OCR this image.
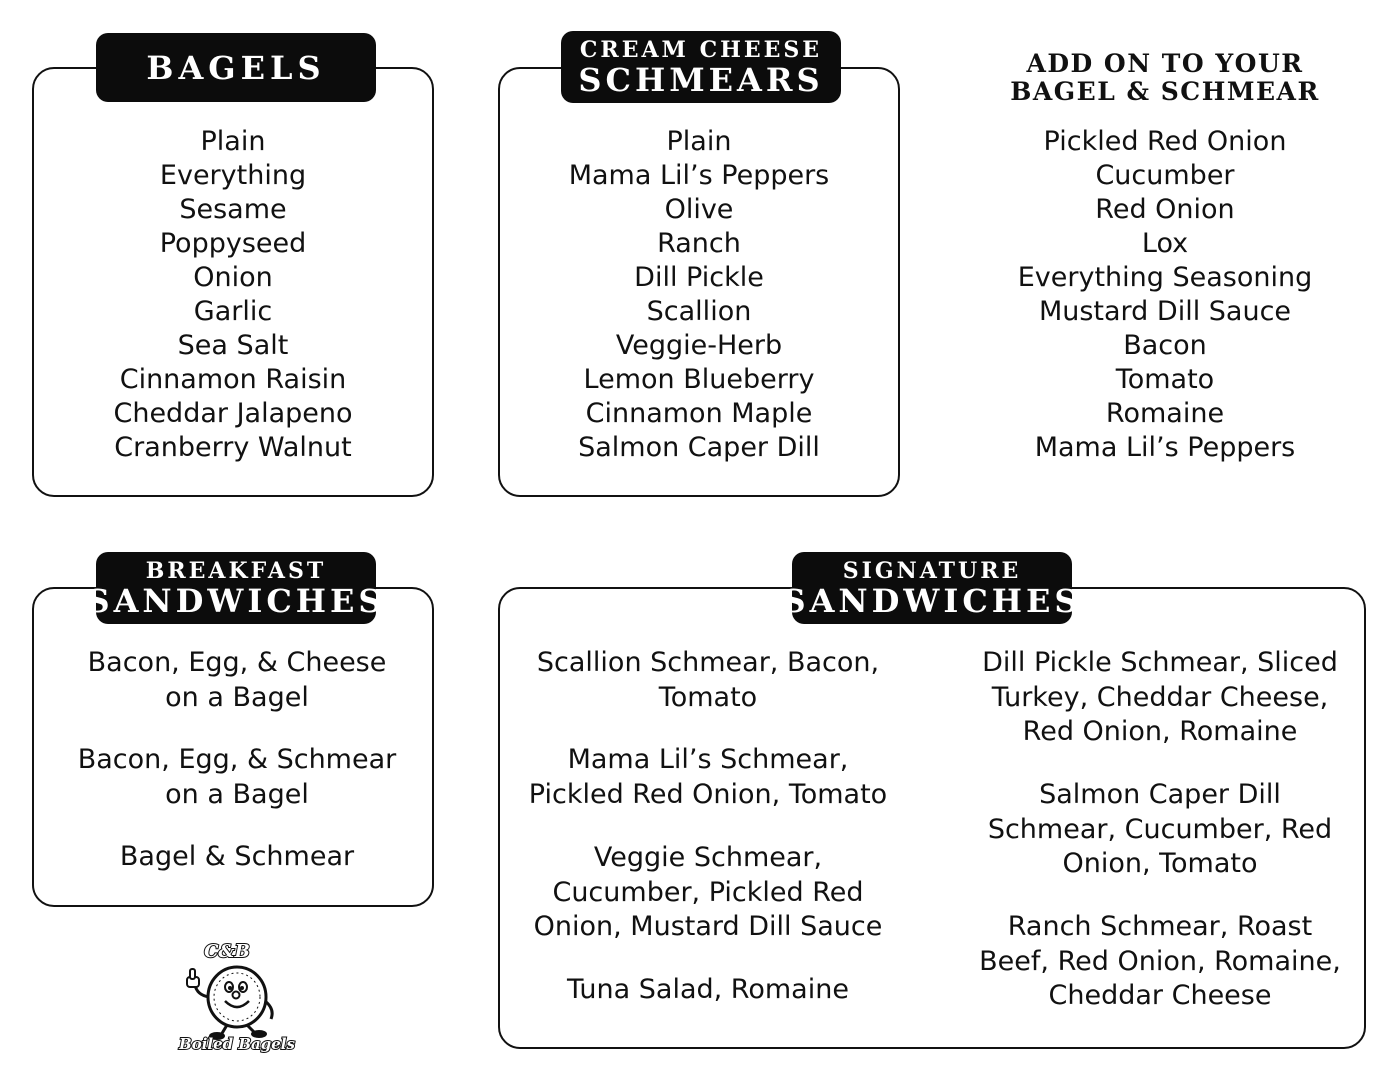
BAGELS
Plain
Everything
Sesame
Poppyseed
Onion
Garlic
Sea Salt
Cinnamon Raisin
Cheddar Jalapeno
Cranberry Walnut
CREAM CHEESE
SCHMEARS
Plain
Mama Lil’s Peppers
Olive
Ranch
Dill Pickle
Scallion
Veggie-Herb
Lemon Blueberry
Cinnamon Maple
Salmon Caper Dill
ADD ON TO YOUR
BAGEL & SCHMEAR
Pickled Red Onion
Cucumber
Red Onion
Lox
Everything Seasoning
Mustard Dill Sauce
Bacon
Tomato
Romaine
Mama Lil’s Peppers
BREAKFAST
SANDWICHES

Bacon, Egg, & Cheese

on a Bagel

Bacon, Egg, & Schmear

on a Bagel

Bagel & Schmear

SIGNATURE
SANDWICHES

Scallion Schmear, Bacon,

Tomato

Mama Lil’s Schmear,

Pickled Red Onion, Tomato

Veggie Schmear,

Cucumber, Pickled Red

Onion, Mustard Dill Sauce

Tuna Salad, Romaine

Dill Pickle Schmear, Sliced

Turkey, Cheddar Cheese,

Red Onion, Romaine

Salmon Caper Dill

Schmear, Cucumber, Red

Onion, Tomato

Ranch Schmear, Roast

Beef, Red Onion, Romaine,

Cheddar Cheese

C&B
Boiled Bagels
